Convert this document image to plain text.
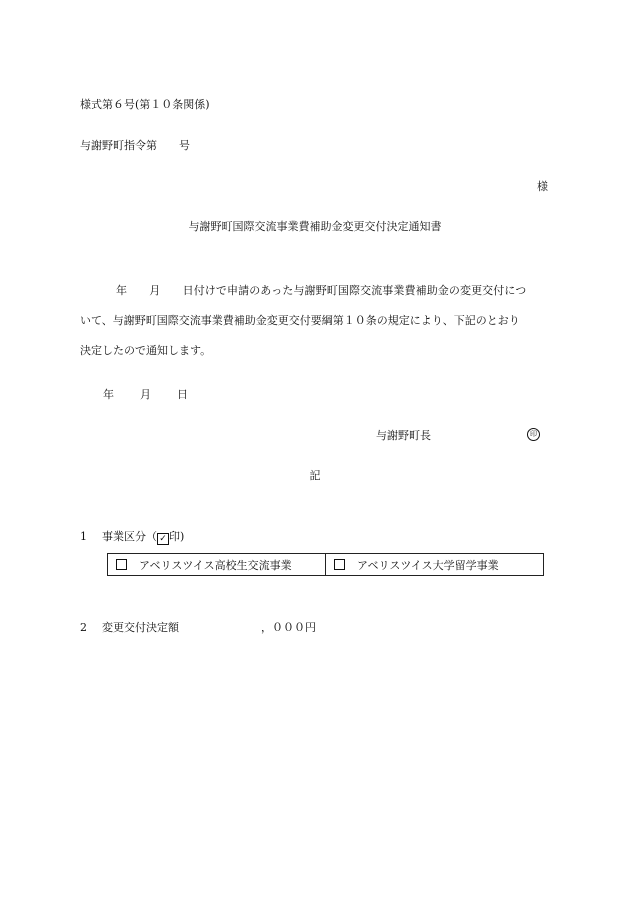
様式第６号(第１０条関係)
与謝野町指令第 号
様
与謝野町国際交流事業費補助金変更交付決定通知書
年　　月　　日付けで申請のあった与謝野町国際交流事業費補助金の変更交付につ
いて、与謝野町国際交流事業費補助金変更交付要綱第１０条の規定により、下記のとおり
決定したので通知します。
年 月 日
与謝野町長	印
記
1 事業区分（ ✓ 印)
アベリスツイス高校生交流事業	アベリスツイス大学留学事業
2 変更交付決定額	，０００円
